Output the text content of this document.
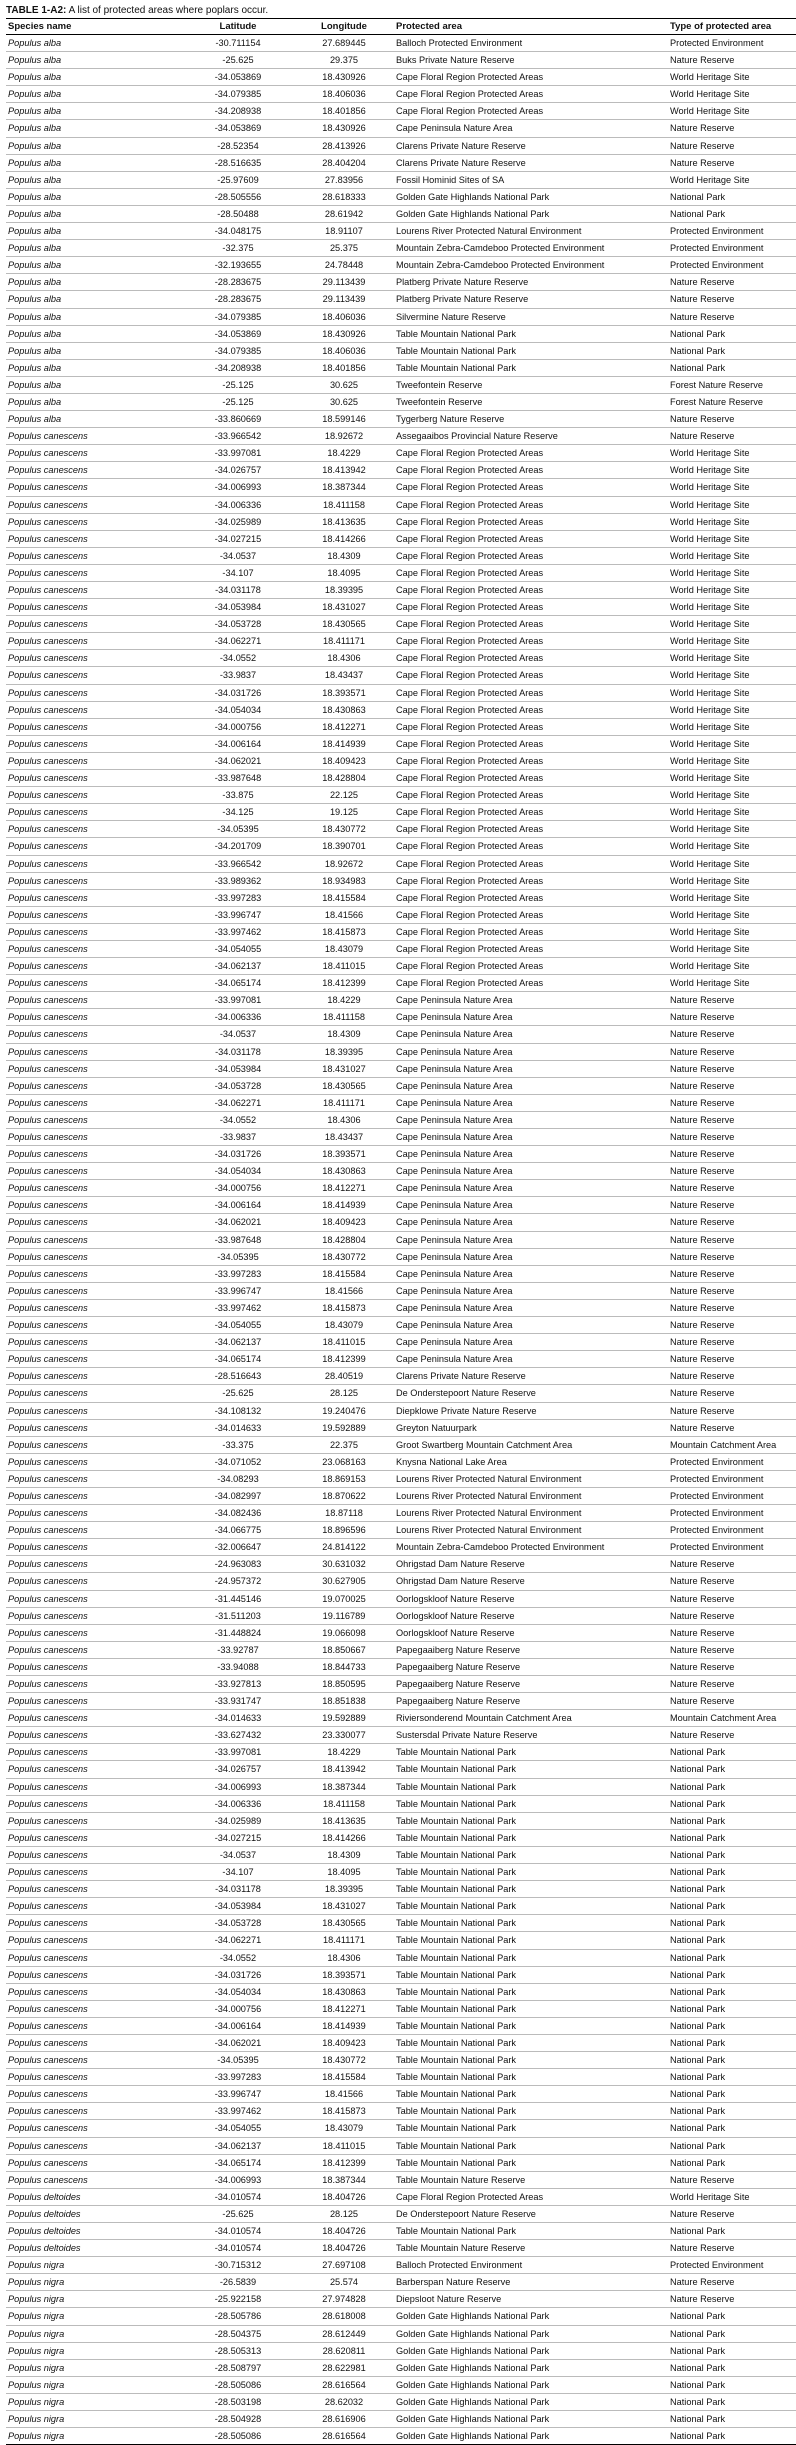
TABLE 1-A2: A list of protected areas where poplars occur.

Species name	Latitude	Longitude	Protected area	Type of protected area
Populus alba	-30.711154	27.689445	Balloch Protected Environment	Protected Environment
Populus alba	-25.625	29.375	Buks Private Nature Reserve	Nature Reserve
Populus alba	-34.053869	18.430926	Cape Floral Region Protected Areas	World Heritage Site
Populus alba	-34.079385	18.406036	Cape Floral Region Protected Areas	World Heritage Site
Populus alba	-34.208938	18.401856	Cape Floral Region Protected Areas	World Heritage Site
Populus alba	-34.053869	18.430926	Cape Peninsula Nature Area	Nature Reserve
Populus alba	-28.52354	28.413926	Clarens Private Nature Reserve	Nature Reserve
Populus alba	-28.516635	28.404204	Clarens Private Nature Reserve	Nature Reserve
Populus alba	-25.97609	27.83956	Fossil Hominid Sites of SA	World Heritage Site
Populus alba	-28.505556	28.618333	Golden Gate Highlands National Park	National Park
Populus alba	-28.50488	28.61942	Golden Gate Highlands National Park	National Park
Populus alba	-34.048175	18.91107	Lourens River Protected Natural Environment	Protected Environment
Populus alba	-32.375	25.375	Mountain Zebra-Camdeboo Protected Environment	Protected Environment
Populus alba	-32.193655	24.78448	Mountain Zebra-Camdeboo Protected Environment	Protected Environment
Populus alba	-28.283675	29.113439	Platberg Private Nature Reserve	Nature Reserve
Populus alba	-28.283675	29.113439	Platberg Private Nature Reserve	Nature Reserve
Populus alba	-34.079385	18.406036	Silvermine Nature Reserve	Nature Reserve
Populus alba	-34.053869	18.430926	Table Mountain National Park	National Park
Populus alba	-34.079385	18.406036	Table Mountain National Park	National Park
Populus alba	-34.208938	18.401856	Table Mountain National Park	National Park
Populus alba	-25.125	30.625	Tweefontein Reserve	Forest Nature Reserve
Populus alba	-25.125	30.625	Tweefontein Reserve	Forest Nature Reserve
Populus alba	-33.860669	18.599146	Tygerberg Nature Reserve	Nature Reserve
Populus canescens	-33.966542	18.92672	Assegaaibos Provincial Nature Reserve	Nature Reserve
Populus canescens	-33.997081	18.4229	Cape Floral Region Protected Areas	World Heritage Site
Populus canescens	-34.026757	18.413942	Cape Floral Region Protected Areas	World Heritage Site
Populus canescens	-34.006993	18.387344	Cape Floral Region Protected Areas	World Heritage Site
Populus canescens	-34.006336	18.411158	Cape Floral Region Protected Areas	World Heritage Site
Populus canescens	-34.025989	18.413635	Cape Floral Region Protected Areas	World Heritage Site
Populus canescens	-34.027215	18.414266	Cape Floral Region Protected Areas	World Heritage Site
Populus canescens	-34.0537	18.4309	Cape Floral Region Protected Areas	World Heritage Site
Populus canescens	-34.107	18.4095	Cape Floral Region Protected Areas	World Heritage Site
Populus canescens	-34.031178	18.39395	Cape Floral Region Protected Areas	World Heritage Site
Populus canescens	-34.053984	18.431027	Cape Floral Region Protected Areas	World Heritage Site
Populus canescens	-34.053728	18.430565	Cape Floral Region Protected Areas	World Heritage Site
Populus canescens	-34.062271	18.411171	Cape Floral Region Protected Areas	World Heritage Site
Populus canescens	-34.0552	18.4306	Cape Floral Region Protected Areas	World Heritage Site
Populus canescens	-33.9837	18.43437	Cape Floral Region Protected Areas	World Heritage Site
Populus canescens	-34.031726	18.393571	Cape Floral Region Protected Areas	World Heritage Site
Populus canescens	-34.054034	18.430863	Cape Floral Region Protected Areas	World Heritage Site
Populus canescens	-34.000756	18.412271	Cape Floral Region Protected Areas	World Heritage Site
Populus canescens	-34.006164	18.414939	Cape Floral Region Protected Areas	World Heritage Site
Populus canescens	-34.062021	18.409423	Cape Floral Region Protected Areas	World Heritage Site
Populus canescens	-33.987648	18.428804	Cape Floral Region Protected Areas	World Heritage Site
Populus canescens	-33.875	22.125	Cape Floral Region Protected Areas	World Heritage Site
Populus canescens	-34.125	19.125	Cape Floral Region Protected Areas	World Heritage Site
Populus canescens	-34.05395	18.430772	Cape Floral Region Protected Areas	World Heritage Site
Populus canescens	-34.201709	18.390701	Cape Floral Region Protected Areas	World Heritage Site
Populus canescens	-33.966542	18.92672	Cape Floral Region Protected Areas	World Heritage Site
Populus canescens	-33.989362	18.934983	Cape Floral Region Protected Areas	World Heritage Site
Populus canescens	-33.997283	18.415584	Cape Floral Region Protected Areas	World Heritage Site
Populus canescens	-33.996747	18.41566	Cape Floral Region Protected Areas	World Heritage Site
Populus canescens	-33.997462	18.415873	Cape Floral Region Protected Areas	World Heritage Site
Populus canescens	-34.054055	18.43079	Cape Floral Region Protected Areas	World Heritage Site
Populus canescens	-34.062137	18.411015	Cape Floral Region Protected Areas	World Heritage Site
Populus canescens	-34.065174	18.412399	Cape Floral Region Protected Areas	World Heritage Site
Populus canescens	-33.997081	18.4229	Cape Peninsula Nature Area	Nature Reserve
Populus canescens	-34.006336	18.411158	Cape Peninsula Nature Area	Nature Reserve
Populus canescens	-34.0537	18.4309	Cape Peninsula Nature Area	Nature Reserve
Populus canescens	-34.031178	18.39395	Cape Peninsula Nature Area	Nature Reserve
Populus canescens	-34.053984	18.431027	Cape Peninsula Nature Area	Nature Reserve
Populus canescens	-34.053728	18.430565	Cape Peninsula Nature Area	Nature Reserve
Populus canescens	-34.062271	18.411171	Cape Peninsula Nature Area	Nature Reserve
Populus canescens	-34.0552	18.4306	Cape Peninsula Nature Area	Nature Reserve
Populus canescens	-33.9837	18.43437	Cape Peninsula Nature Area	Nature Reserve
Populus canescens	-34.031726	18.393571	Cape Peninsula Nature Area	Nature Reserve
Populus canescens	-34.054034	18.430863	Cape Peninsula Nature Area	Nature Reserve
Populus canescens	-34.000756	18.412271	Cape Peninsula Nature Area	Nature Reserve
Populus canescens	-34.006164	18.414939	Cape Peninsula Nature Area	Nature Reserve
Populus canescens	-34.062021	18.409423	Cape Peninsula Nature Area	Nature Reserve
Populus canescens	-33.987648	18.428804	Cape Peninsula Nature Area	Nature Reserve
Populus canescens	-34.05395	18.430772	Cape Peninsula Nature Area	Nature Reserve
Populus canescens	-33.997283	18.415584	Cape Peninsula Nature Area	Nature Reserve
Populus canescens	-33.996747	18.41566	Cape Peninsula Nature Area	Nature Reserve
Populus canescens	-33.997462	18.415873	Cape Peninsula Nature Area	Nature Reserve
Populus canescens	-34.054055	18.43079	Cape Peninsula Nature Area	Nature Reserve
Populus canescens	-34.062137	18.411015	Cape Peninsula Nature Area	Nature Reserve
Populus canescens	-34.065174	18.412399	Cape Peninsula Nature Area	Nature Reserve
Populus canescens	-28.516643	28.40519	Clarens Private Nature Reserve	Nature Reserve
Populus canescens	-25.625	28.125	De Onderstepoort Nature Reserve	Nature Reserve
Populus canescens	-34.108132	19.240476	Diepklowe Private Nature Reserve	Nature Reserve
Populus canescens	-34.014633	19.592889	Greyton Natuurpark	Nature Reserve
Populus canescens	-33.375	22.375	Groot Swartberg Mountain Catchment Area	Mountain Catchment Area
Populus canescens	-34.071052	23.068163	Knysna National Lake Area	Protected Environment
Populus canescens	-34.08293	18.869153	Lourens River Protected Natural Environment	Protected Environment
Populus canescens	-34.082997	18.870622	Lourens River Protected Natural Environment	Protected Environment
Populus canescens	-34.082436	18.87118	Lourens River Protected Natural Environment	Protected Environment
Populus canescens	-34.066775	18.896596	Lourens River Protected Natural Environment	Protected Environment
Populus canescens	-32.006647	24.814122	Mountain Zebra-Camdeboo Protected Environment	Protected Environment
Populus canescens	-24.963083	30.631032	Ohrigstad Dam Nature Reserve	Nature Reserve
Populus canescens	-24.957372	30.627905	Ohrigstad Dam Nature Reserve	Nature Reserve
Populus canescens	-31.445146	19.070025	Oorlogskloof Nature Reserve	Nature Reserve
Populus canescens	-31.511203	19.116789	Oorlogskloof Nature Reserve	Nature Reserve
Populus canescens	-31.448824	19.066098	Oorlogskloof Nature Reserve	Nature Reserve
Populus canescens	-33.92787	18.850667	Papegaaiberg Nature Reserve	Nature Reserve
Populus canescens	-33.94088	18.844733	Papegaaiberg Nature Reserve	Nature Reserve
Populus canescens	-33.927813	18.850595	Papegaaiberg Nature Reserve	Nature Reserve
Populus canescens	-33.931747	18.851838	Papegaaiberg Nature Reserve	Nature Reserve
Populus canescens	-34.014633	19.592889	Riviersonderend Mountain Catchment Area	Mountain Catchment Area
Populus canescens	-33.627432	23.330077	Sustersdal Private Nature Reserve	Nature Reserve
Populus canescens	-33.997081	18.4229	Table Mountain National Park	National Park
Populus canescens	-34.026757	18.413942	Table Mountain National Park	National Park
Populus canescens	-34.006993	18.387344	Table Mountain National Park	National Park
Populus canescens	-34.006336	18.411158	Table Mountain National Park	National Park
Populus canescens	-34.025989	18.413635	Table Mountain National Park	National Park
Populus canescens	-34.027215	18.414266	Table Mountain National Park	National Park
Populus canescens	-34.0537	18.4309	Table Mountain National Park	National Park
Populus canescens	-34.107	18.4095	Table Mountain National Park	National Park
Populus canescens	-34.031178	18.39395	Table Mountain National Park	National Park
Populus canescens	-34.053984	18.431027	Table Mountain National Park	National Park
Populus canescens	-34.053728	18.430565	Table Mountain National Park	National Park
Populus canescens	-34.062271	18.411171	Table Mountain National Park	National Park
Populus canescens	-34.0552	18.4306	Table Mountain National Park	National Park
Populus canescens	-34.031726	18.393571	Table Mountain National Park	National Park
Populus canescens	-34.054034	18.430863	Table Mountain National Park	National Park
Populus canescens	-34.000756	18.412271	Table Mountain National Park	National Park
Populus canescens	-34.006164	18.414939	Table Mountain National Park	National Park
Populus canescens	-34.062021	18.409423	Table Mountain National Park	National Park
Populus canescens	-34.05395	18.430772	Table Mountain National Park	National Park
Populus canescens	-33.997283	18.415584	Table Mountain National Park	National Park
Populus canescens	-33.996747	18.41566	Table Mountain National Park	National Park
Populus canescens	-33.997462	18.415873	Table Mountain National Park	National Park
Populus canescens	-34.054055	18.43079	Table Mountain National Park	National Park
Populus canescens	-34.062137	18.411015	Table Mountain National Park	National Park
Populus canescens	-34.065174	18.412399	Table Mountain National Park	National Park
Populus canescens	-34.006993	18.387344	Table Mountain Nature Reserve	Nature Reserve
Populus deltoides	-34.010574	18.404726	Cape Floral Region Protected Areas	World Heritage Site
Populus deltoides	-25.625	28.125	De Onderstepoort Nature Reserve	Nature Reserve
Populus deltoides	-34.010574	18.404726	Table Mountain National Park	National Park
Populus deltoides	-34.010574	18.404726	Table Mountain Nature Reserve	Nature Reserve
Populus nigra	-30.715312	27.697108	Balloch Protected Environment	Protected Environment
Populus nigra	-26.5839	25.574	Barberspan Nature Reserve	Nature Reserve
Populus nigra	-25.922158	27.974828	Diepsloot Nature Reserve	Nature Reserve
Populus nigra	-28.505786	28.618008	Golden Gate Highlands National Park	National Park
Populus nigra	-28.504375	28.612449	Golden Gate Highlands National Park	National Park
Populus nigra	-28.505313	28.620811	Golden Gate Highlands National Park	National Park
Populus nigra	-28.508797	28.622981	Golden Gate Highlands National Park	National Park
Populus nigra	-28.505086	28.616564	Golden Gate Highlands National Park	National Park
Populus nigra	-28.503198	28.62032	Golden Gate Highlands National Park	National Park
Populus nigra	-28.504928	28.616906	Golden Gate Highlands National Park	National Park
Populus nigra	-28.505086	28.616564	Golden Gate Highlands National Park	National Park
